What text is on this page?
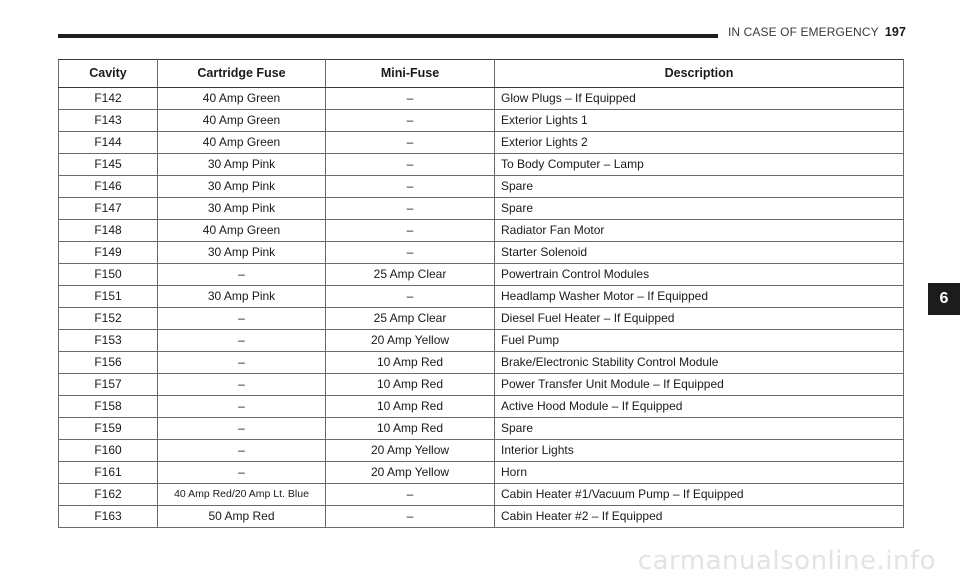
IN CASE OF EMERGENCY 197
6
Cavity	Cartridge Fuse	Mini-Fuse	Description
F142	40 Amp Green	–	Glow Plugs – If Equipped
F143	40 Amp Green	–	Exterior Lights 1
F144	40 Amp Green	–	Exterior Lights 2
F145	30 Amp Pink	–	To Body Computer – Lamp
F146	30 Amp Pink	–	Spare
F147	30 Amp Pink	–	Spare
F148	40 Amp Green	–	Radiator Fan Motor
F149	30 Amp Pink	–	Starter Solenoid
F150	–	25 Amp Clear	Powertrain Control Modules
F151	30 Amp Pink	–	Headlamp Washer Motor – If Equipped
F152	–	25 Amp Clear	Diesel Fuel Heater – If Equipped
F153	–	20 Amp Yellow	Fuel Pump
F156	–	10 Amp Red	Brake/Electronic Stability Control Module
F157	–	10 Amp Red	Power Transfer Unit Module – If Equipped
F158	–	10 Amp Red	Active Hood Module – If Equipped
F159	–	10 Amp Red	Spare
F160	–	20 Amp Yellow	Interior Lights
F161	–	20 Amp Yellow	Horn
F162	40 Amp Red/20 Amp Lt. Blue	–	Cabin Heater #1/Vacuum Pump – If Equipped
F163	50 Amp Red	–	Cabin Heater #2 – If Equipped
carmanualsonline.info
